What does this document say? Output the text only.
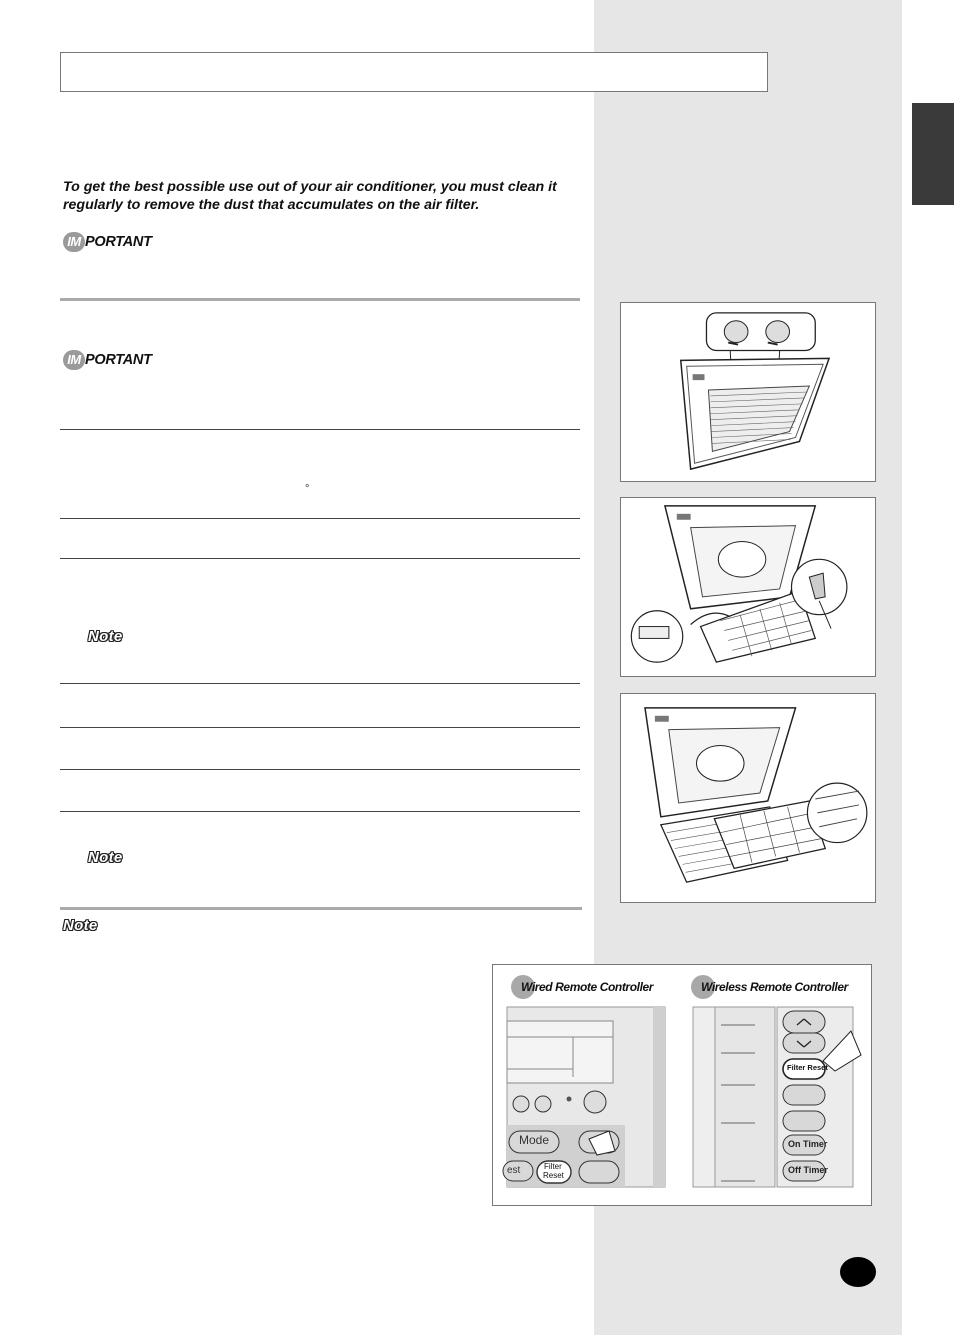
To get the best possible use out of your air conditioner, you must clean it regularly to remove the dust that accumulates on the air filter.

IM PORTANT
IM PORTANT
°
Note
Note
Note
Wired Remote Controller	Wireless Remote Controller
Mode
est	Filter
Reset
Filter Reset
On Timer
Off Timer
